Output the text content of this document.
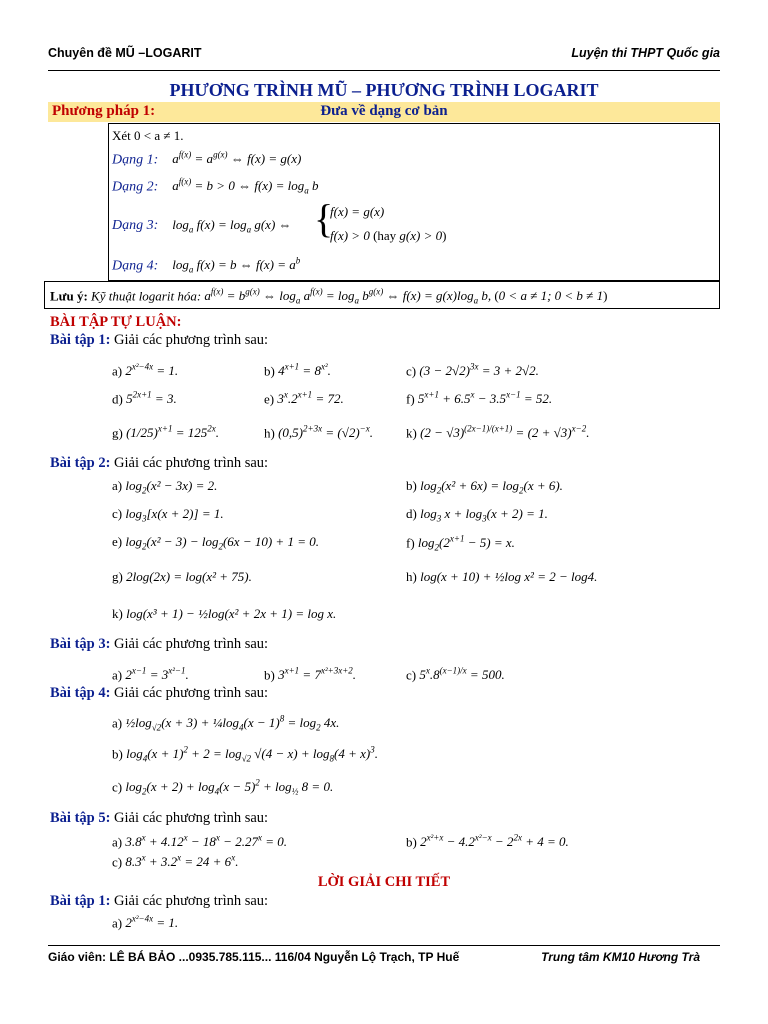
Chuyên đề MŨ –LOGARIT	Luyện thi THPT Quốc gia
PHƯƠNG TRÌNH MŨ – PHƯƠNG TRÌNH LOGARIT
Phương pháp 1:	Đưa về dạng cơ bản
Xét 0 < a ≠ 1.
Dạng 1: $a^{f(x)} = a^{g(x)}$ ⇔ f(x) = g(x)
Dạng 2: $a^{f(x)} = b > 0$ ⇔ $f(x) = \log_a b$
Dạng 3: $\log_a f(x) = \log_a g(x)$ ⇔ {
f(x) = g(x)
f(x) > 0 (hay g(x) > 0)
Dạng 4: $\log_a f(x) = b$ ⇔ $f(x) = a^b$
Lưu ý: Kỹ thuật logarit hóa: $a^{f(x)} = b^{g(x)}$ ⇔ $\log_a a^{f(x)} = \log_a b^{g(x)}$ ⇔ $f(x) = g(x)\log_a$ b, (0 < a ≠ 1; 0 < b ≠ 1)
BÀI TẬP TỰ LUẬN:
Bài tập 1: Giải các phương trình sau:
a) $2^{x^2-4x} = 1$.	b) $4^{x+1} = 8^{x^2}$.	c) $(3 - 2√2)^{3x} = 3 + 2√2$.
d) $5^{2x+1} = 3$.	e) $3^x.2^{x+1} = 72$.	f) $5^{x+1} + 6.5^x - 3.5^{x-1} = 52$.
g) $(1/25)^{x+1} = 125^{2x}$.	h) $(0,5)^{2+3x} = (√2)^{-x}$.	k) $(2 - √3)^{(2x-1)/(x+1)} = (2 + √3)^{x-2}$.
Bài tập 2: Giải các phương trình sau:
a) $\log_2(x^2 - 3x) = 2$.	b) $\log_2(x^2 + 6x) = \log_2(x + 6)$.
c) $\log_3[x(x + 2)] = 1$.	d) $\log_3 x + \log_3(x + 2) = 1$.
e) $\log_2(x^2 - 3) - \log_2(6x - 10) + 1 = 0$.	f) $\log_2(2^{x+1} - 5) = x$.
g) 2log(2x) = log(x² + 75).	h) log(x + 10) + ½log x² = 2 − log4.
k) log(x³ + 1) − ½log(x² + 2x + 1) = log x.
Bài tập 3: Giải các phương trình sau:
a) $2^{x-1} = 3^{x^2-1}$.	b) $3^{x+1} = 7^{x^2+3x+2}$.	c) $5^x.8^{(x-1)/x} = 500$.
Bài tập 4: Giải các phương trình sau:
a) $\frac{1}{2}\log_{√2}(x + 3)$ + $\frac{1}{4}\log_4(x - 1)^8 = \log_2 4x$.
b) $\log_4(x + 1)^2 + 2 = \log_{√2} √(4 - x) + \log_8(4 + x)^3$.
c) $\log_2(x + 2) + \log_4(x - 5)^2 + \log_{\frac{1}{2}} 8 = 0$.
Bài tập 5: Giải các phương trình sau:
a) $3.8^x + 4.12^x - 18^x - 2.27^x = 0$.	b) $2^{x^2+x} - 4.2^{x^2-x} - 2^{2x} + 4 = 0$.
c) $8.3^x + 3.2^x = 24 + 6^x$.
LỜI GIẢI CHI TIẾT
Bài tập 1: Giải các phương trình sau:
a) $2^{x^2-4x} = 1$.
Giáo viên: LÊ BÁ BẢO ...0935.785.115... 116/04 Nguyễn Lộ Trạch, TP Huế	Trung tâm KM10 Hương Trà
